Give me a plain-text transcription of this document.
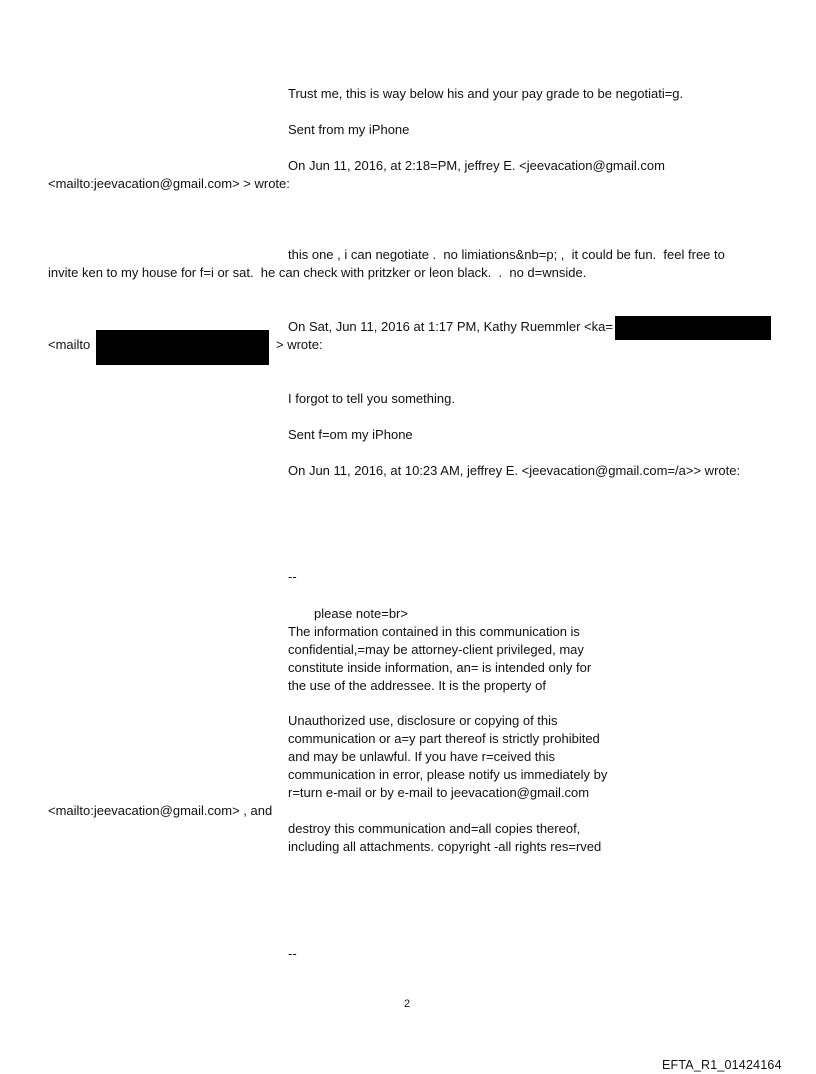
Trust me, this is way below his and your pay grade to be negotiati=g.

Sent from my iPhone

On Jun 11, 2016, at 2:18=PM, jeffrey E. <jeevacation@gmail.com

<mailto:jeevacation@gmail.com> > wrote:

this one , i can negotiate .  no limiations&nb=p; ,  it could be fun.  feel free to

invite ken to my house for f=i or sat.  he can check with pritzker or leon black.  .  no d=wnside.

On Sat, Jun 11, 2016 at 1:17 PM, Kathy Ruemmler <ka=

<mailto	> wrote:

I forgot to tell you something.

Sent f=om my iPhone

On Jun 11, 2016, at 10:23 AM, jeffrey E. <jeevacation@gmail.com=/a>> wrote:

--

please note=br>

The information contained in this communication is

confidential,=may be attorney-client privileged, may

constitute inside information, an= is intended only for

the use of the addressee. It is the property of

Unauthorized use, disclosure or copying of this

communication or a=y part thereof is strictly prohibited

and may be unlawful. If you have r=ceived this

communication in error, please notify us immediately by

r=turn e-mail or by e-mail to jeevacation@gmail.com

<mailto:jeevacation@gmail.com> , and

destroy this communication and=all copies thereof,

including all attachments. copyright -all rights res=rved

--

2

EFTA_R1_01424164
